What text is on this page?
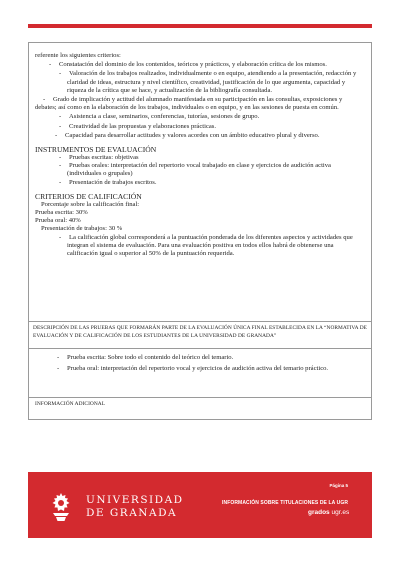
referente los siguientes criterios:
- Constatación del dominio de los contenidos, teóricos y prácticos, y elaboración crítica de los mismos.
- Valoración de los trabajos realizados, individualmente o en equipo, atendiendo a la presentación, redacción y claridad de ideas, estructura y nivel científico, creatividad, justificación de lo que argumenta, capacidad y riqueza de la crítica que se hace, y actualización de la bibliografía consultada.
- Grado de implicación y actitud del alumnado manifestada en su participación en las consultas, exposiciones y debates; así como en la elaboración de los trabajos, individuales o en equipo, y en las sesiones de puesta en común.
- Asistencia a clase, seminarios, conferencias, tutorías, sesiones de grupo.
- Creatividad de las propuestas y elaboraciones prácticas.
- Capacidad para desarrollar actitudes y valores acordes con un ámbito educativo plural y diverso.
INSTRUMENTOS DE EVALUACIÓN
- Pruebas escritas: objetivas
- Pruebas orales: interpretación del repertorio vocal trabajado en clase y ejercicios de audición activa (individuales o grupales)
- Presentación de trabajos escritos.
CRITERIOS DE CALIFICACIÓN
Porcentaje sobre la calificación final:
Prueba escrita: 30%
Prueba oral: 40%
Presentación de trabajos: 30 %
- La calificación global corresponderá a la puntuación ponderada de los diferentes aspectos y actividades que integran el sistema de evaluación. Para una evaluación positiva en todos ellos habrá de obtenerse una calificación igual o superior al 50% de la puntuación requerida.
DESCRIPCIÓN DE LAS PRUEBAS QUE FORMARÁN PARTE DE LA EVALUACIÓN ÚNICA FINAL ESTABLECIDA EN LA “NORMATIVA DE EVALUACIÓN Y DE CALIFICACIÓN DE LOS ESTUDIANTES DE LA UNIVERSIDAD DE GRANADA”
- Prueba escrita: Sobre todo el contenido del teórico del temario.
- Prueba oral: interpretación del repertorio vocal y ejercicios de audición activa del temario práctico.
INFORMACIÓN ADICIONAL
UNIVERSIDAD
DE GRANADA
Página 5
INFORMACIÓN SOBRE TITULACIONES DE LA UGR
grados ugr.es
